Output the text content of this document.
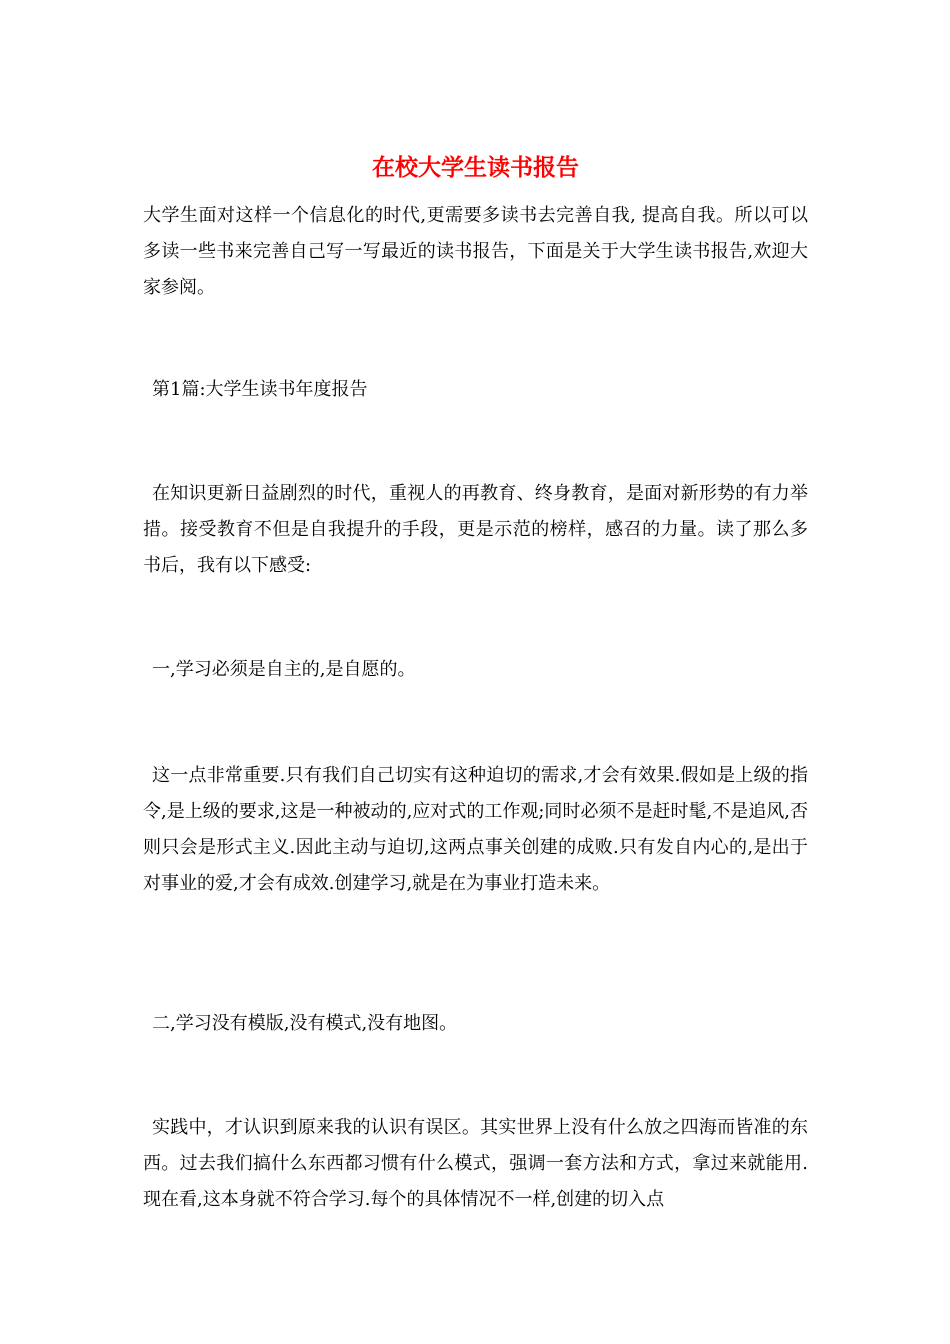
在校大学生读书报告

大学生面对这样一个信息化的时代,更需要多读书去完善自我, 提高自我。所以可以多读一些书来完善自己写一写最近的读书报告，下面是关于大学生读书报告,欢迎大家参阅。

第1篇:大学生读书年度报告

在知识更新日益剧烈的时代，重视人的再教育、终身教育，是面对新形势的有力举措。接受教育不但是自我提升的手段，更是示范的榜样，感召的力量。读了那么多书后，我有以下感受:

一,学习必须是自主的,是自愿的。

这一点非常重要.只有我们自己切实有这种迫切的需求,才会有效果.假如是上级的指令,是上级的要求,这是一种被动的,应对式的工作观;同时必须不是赶时髦,不是追风,否则只会是形式主义.因此主动与迫切,这两点事关创建的成败.只有发自内心的,是出于对事业的爱,才会有成效.创建学习,就是在为事业打造未来。

二,学习没有模版,没有模式,没有地图。

实践中，才认识到原来我的认识有误区。其实世界上没有什么放之四海而皆准的东西。过去我们搞什么东西都习惯有什么模式，强调一套方法和方式，拿过来就能用.现在看,这本身就不符合学习.每个的具体情况不一样,创建的切入点
